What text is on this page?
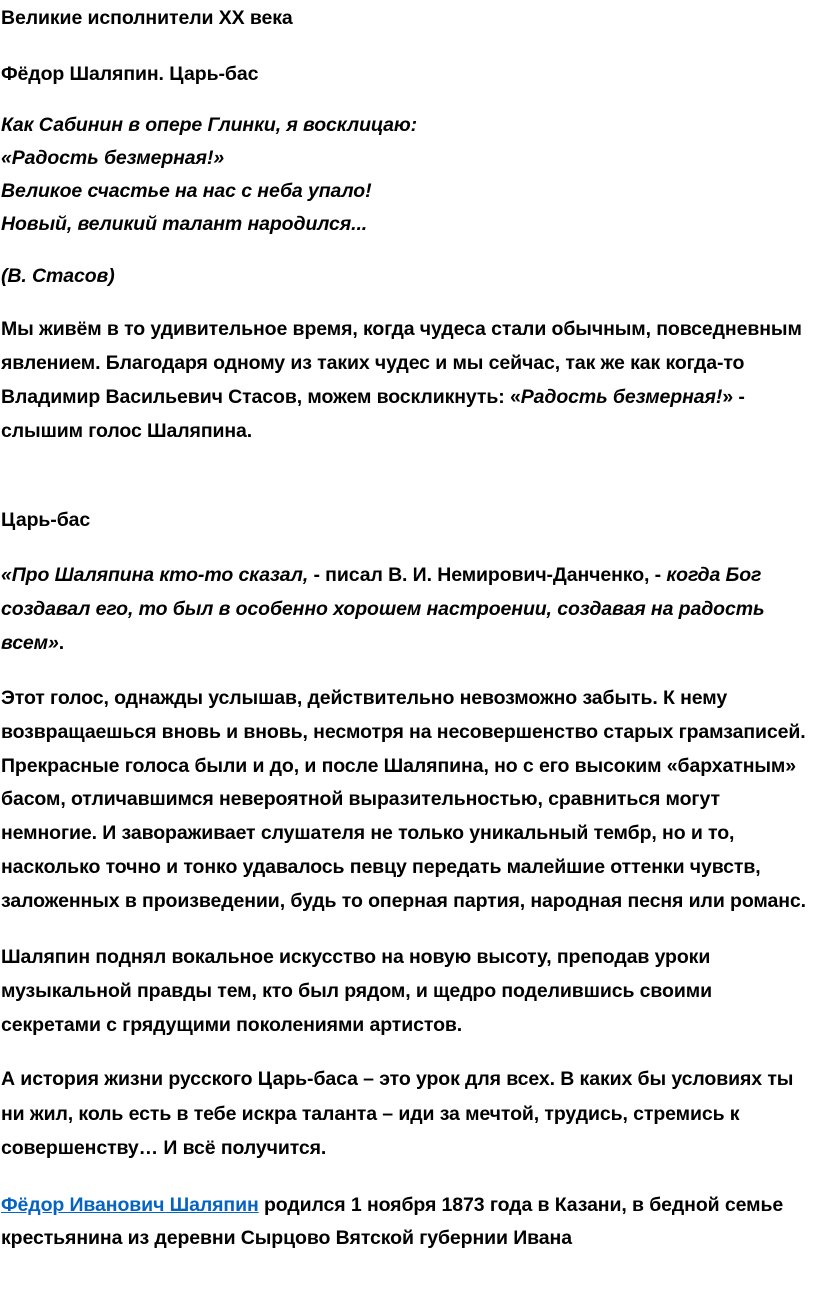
Великие исполнители XX века
Фёдор Шаляпин. Царь-бас

Как Сабинин в опере Глинки, я восклицаю:

«Радость безмерная!»

Великое счастье на нас с неба упало!

Новый, великий талант народился...

(В. Стасов)

Мы живём в то удивительное время, когда чудеса стали обычным, повседневным явлением. Благодаря одному из таких чудес и мы сейчас, так же как когда-то Владимир Васильевич Стасов, можем воскликнуть: «Радость безмерная!» - слышим голос Шаляпина.

Царь-бас

«Про Шаляпина кто-то сказал, - писал В. И. Немирович-Данченко, - когда Бог создавал его, то был в особенно хорошем настроении, создавая на радость всем».

Этот голос, однажды услышав, действительно невозможно забыть. К нему возвращаешься вновь и вновь, несмотря на несовершенство старых грамзаписей. Прекрасные голоса были и до, и после Шаляпина, но с его высоким «бархатным» басом, отличавшимся невероятной выразительностью, сравниться могут немногие. И завораживает слушателя не только уникальный тембр, но и то, насколько точно и тонко удавалось певцу передать малейшие оттенки чувств, заложенных в произведении, будь то оперная партия, народная песня или романс.

Шаляпин поднял вокальное искусство на новую высоту, преподав уроки музыкальной правды тем, кто был рядом, и щедро поделившись своими секретами с грядущими поколениями артистов.

А история жизни русского Царь-баса – это урок для всех. В каких бы условиях ты ни жил, коль есть в тебе искра таланта – иди за мечтой, трудись, стремись к совершенству… И всё получится.

Фёдор Иванович Шаляпин родился 1 ноября 1873 года в Казани, в бедной семье крестьянина из деревни Сырцово Вятской губернии Ивана
